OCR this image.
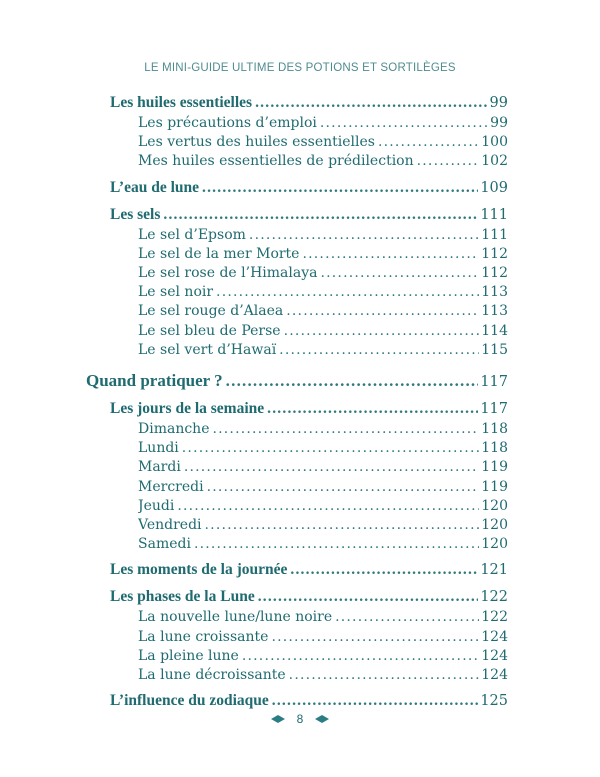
LE MINI-GUIDE ULTIME DES POTIONS ET SORTILÈGES
Les huiles essentielles .....	99
Les précautions d’emploi .....	99
Les vertus des huiles essentielles .....	100
Mes huiles essentielles de prédilection .....	102
L’eau de lune .....	109
Les sels .....	111
Le sel d’Epsom .....	111
Le sel de la mer Morte .....	112
Le sel rose de l’Himalaya .....	112
Le sel noir .....	113
Le sel rouge d’Alaea .....	113
Le sel bleu de Perse .....	114
Le sel vert d’Hawaï .....	115
Quand pratiquer ? .....	117
Les jours de la semaine .....	117
Dimanche .....	118
Lundi .....	118
Mardi .....	119
Mercredi .....	119
Jeudi .....	120
Vendredi .....	120
Samedi .....	120
Les moments de la journée .....	121
Les phases de la Lune .....	122
La nouvelle lune/lune noire .....	122
La lune croissante .....	124
La pleine lune .....	124
La lune décroissante .....	124
L’influence du zodiaque .....	125
8
